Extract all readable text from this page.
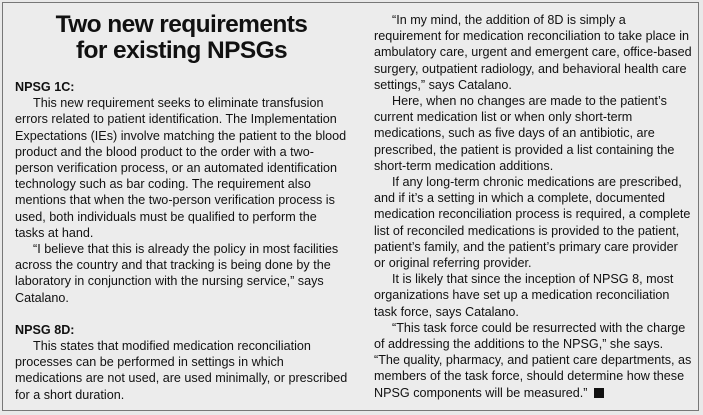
Two new requirements
for existing NPSGs
NPSG 1C:

This new requirement seeks to eliminate transfusion errors related to patient identification. The Implementation Expectations (IEs) involve matching the patient to the blood product and the blood product to the order with a two-person verification process, or an automated identification technology such as bar coding. The requirement also mentions that when the two-person verification process is used, both individuals must be qualified to perform the tasks at hand.

“I believe that this is already the policy in most facilities across the country and that tracking is being done by the laboratory in conjunction with the nursing service,” says Catalano.

NPSG 8D:

This states that modified medication reconciliation processes can be performed in settings in which medications are not used, are used minimally, or prescribed for a short duration.

“In my mind, the addition of 8D is simply a requirement for medication reconciliation to take place in ambulatory care, urgent and emergent care, office-based surgery, outpatient radiology, and behavioral health care settings,” says Catalano.

Here, when no changes are made to the patient’s current medication list or when only short-term medications, such as five days of an antibiotic, are prescribed, the patient is provided a list containing the short-term medication additions.

If any long-term chronic medications are prescribed, and if it’s a setting in which a complete, documented medication reconciliation process is required, a complete list of reconciled medications is provided to the patient, patient’s family, and the patient’s primary care provider or original referring provider.

It is likely that since the inception of NPSG 8, most organizations have set up a medication reconciliation task force, says Catalano.

“This task force could be resurrected with the charge of addressing the additions to the NPSG,” she says. “The quality, pharmacy, and patient care departments, as members of the task force, should determine how these NPSG components will be measured.”
